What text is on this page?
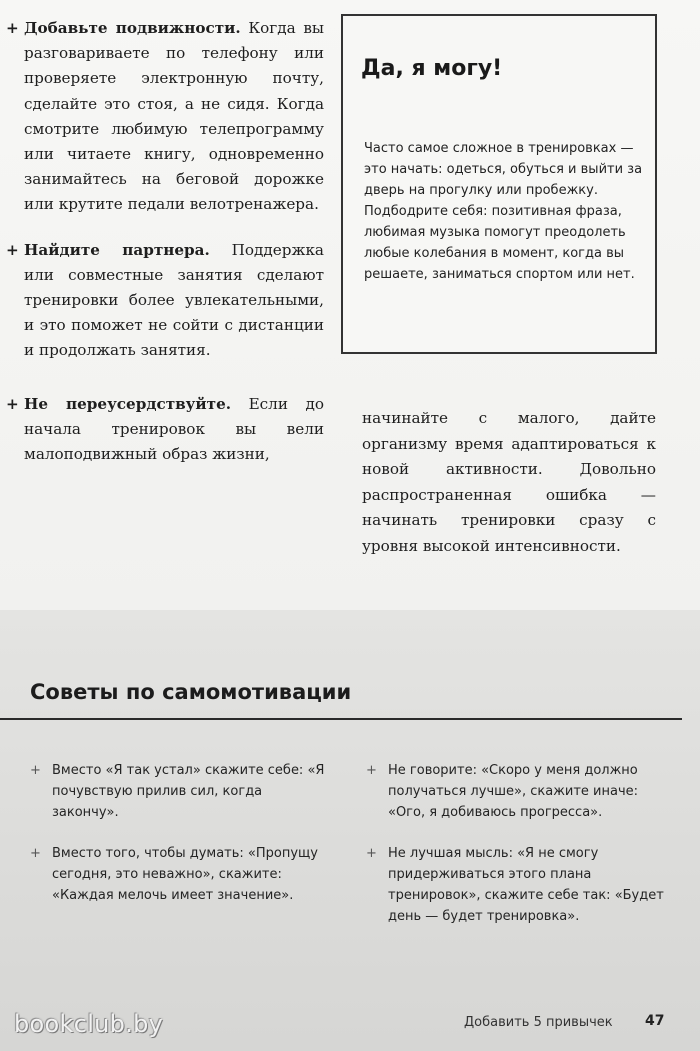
+ Добавьте подвижности. Когда вы разговариваете по телефону или проверяете электронную почту, сделайте это стоя, а не сидя. Когда смотрите любимую телепрограмму или читаете книгу, одновременно занимайтесь на беговой дорожке или крутите педали велотренажера.
+ Найдите партнера. Поддержка или совместные занятия сделают тренировки более увлекательными, и это поможет не сойти с дистанции и продолжать занятия.
+ Не переусердствуйте. Если до начала тренировок вы вели малоподвижный образ жизни,
Да, я могу!
Часто самое сложное в тренировках — это начать: одеться, обуться и выйти за дверь на прогулку или пробежку. Подбодрите себя: позитивная фраза, любимая музыка помогут преодолеть любые колебания в момент, когда вы решаете, заниматься спортом или нет.
начинайте с малого, дайте организму время адаптироваться к новой активности. Довольно распространенная ошибка — начинать тренировки сразу с уровня высокой интенсивности.
Советы по самомотивации
+ Вместо «Я так устал» скажите себе: «Я почувствую прилив сил, когда закончу».
+ Вместо того, чтобы думать: «Пропущу сегодня, это неважно», скажите: «Каждая мелочь имеет значение».
+ Не говорите: «Скоро у меня должно получаться лучше», скажите иначе: «Ого, я добиваюсь прогресса».
+ Не лучшая мысль: «Я не смогу придерживаться этого плана тренировок», скажите себе так: «Будет день — будет тренировка».
bookclub.by	Добавить 5 привычек 47
